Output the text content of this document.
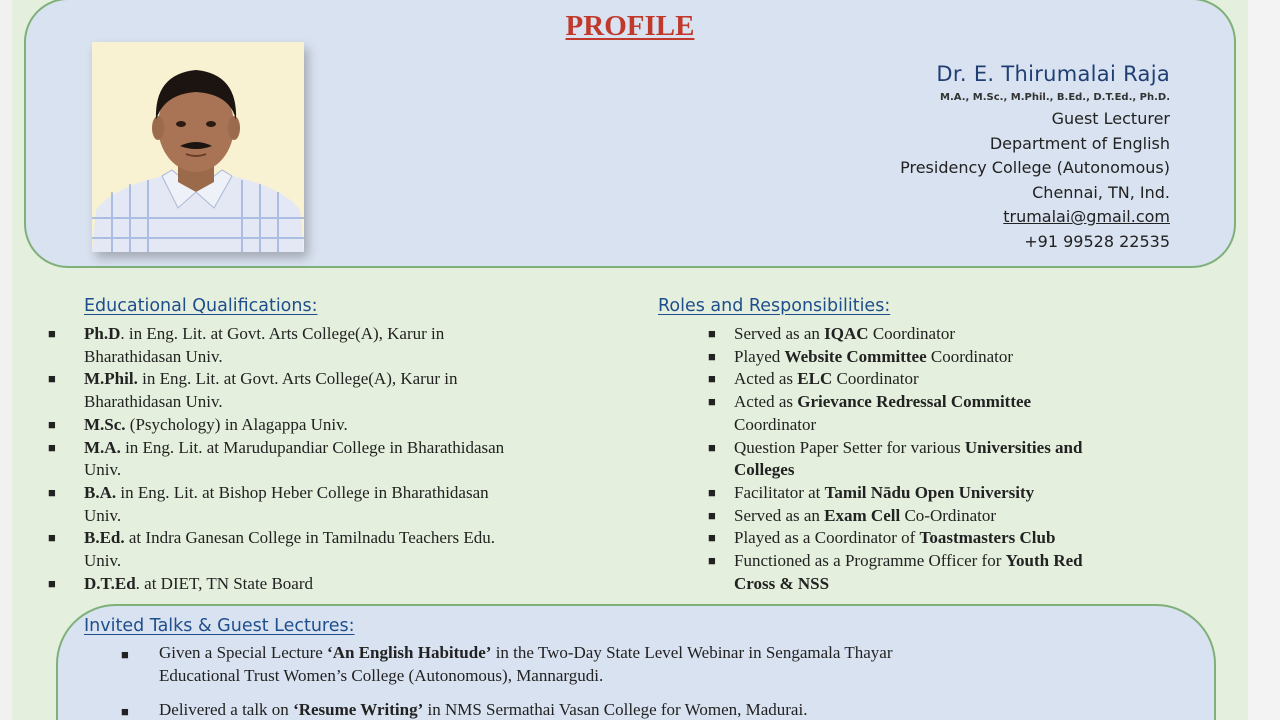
PROFILE
Dr. E. Thirumalai Raja
M.A., M.Sc., M.Phil., B.Ed., D.T.Ed., Ph.D.
Guest Lecturer
Department of English
Presidency College (Autonomous)
Chennai, TN, Ind.
trumalai@gmail.com
+91 99528 22535
Educational Qualifications:
■ Ph.D. in Eng. Lit. at Govt. Arts College(A), Karur in
Bharathidasan Univ.
■ M.Phil. in Eng. Lit. at Govt. Arts College(A), Karur in
Bharathidasan Univ.
■ M.Sc. (Psychology) in Alagappa Univ.
■ M.A. in Eng. Lit. at Marudupandiar College in Bharathidasan
Univ.
■ B.A. in Eng. Lit. at Bishop Heber College in Bharathidasan
Univ.
■ B.Ed. at Indra Ganesan College in Tamilnadu Teachers Edu.
Univ.
■ D.T.Ed. at DIET, TN State Board
Roles and Responsibilities:
■ Served as an IQAC Coordinator
■ Played Website Committee Coordinator
■ Acted as ELC Coordinator
■ Acted as Grievance Redressal Committee
Coordinator
■ Question Paper Setter for various Universities and
Colleges
■ Facilitator at Tamil Nādu Open University
■ Served as an Exam Cell Co-Ordinator
■ Played as a Coordinator of Toastmasters Club
■ Functioned as a Programme Officer for Youth Red
Cross & NSS
Invited Talks & Guest Lectures:
■ Given a Special Lecture ‘An English Habitude’ in the Two-Day State Level Webinar in Sengamala Thayar
Educational Trust Women’s College (Autonomous), Mannargudi.
■ Delivered a talk on ‘Resume Writing’ in NMS Sermathai Vasan College for Women, Madurai.
